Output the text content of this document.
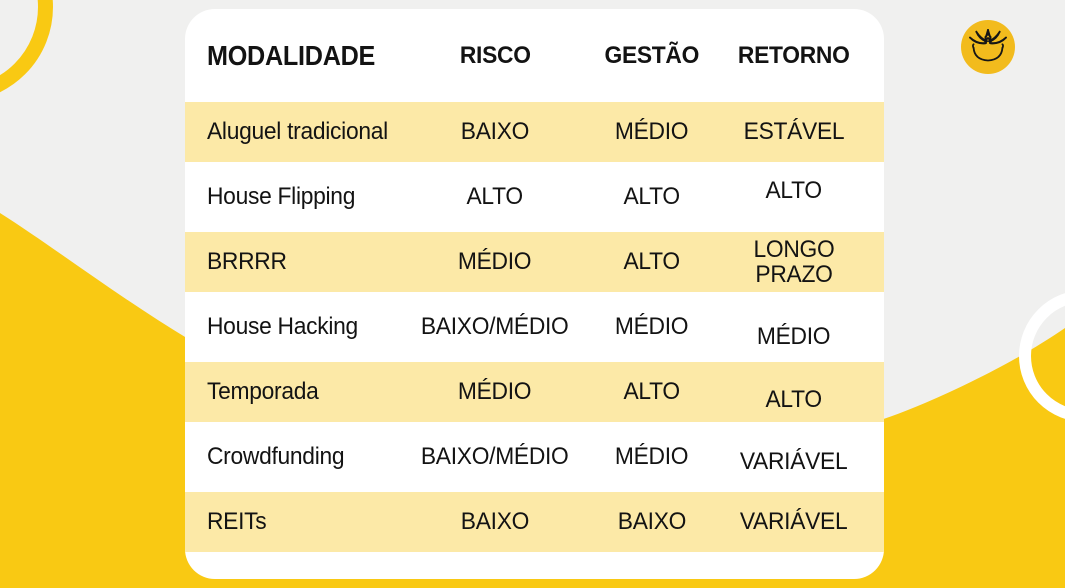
MODALIDADE	RISCO	GESTÃO	RETORNO
Aluguel tradicional	BAIXO	MÉDIO	ESTÁVEL
House Flipping	ALTO	ALTO	ALTO
BRRRR	MÉDIO	ALTO	LONGO PRAZO
House Hacking	BAIXO/MÉDIO	MÉDIO	MÉDIO
Temporada	MÉDIO	ALTO	ALTO
Crowdfunding	BAIXO/MÉDIO	MÉDIO	VARIÁVEL
REITs	BAIXO	BAIXO	VARIÁVEL
